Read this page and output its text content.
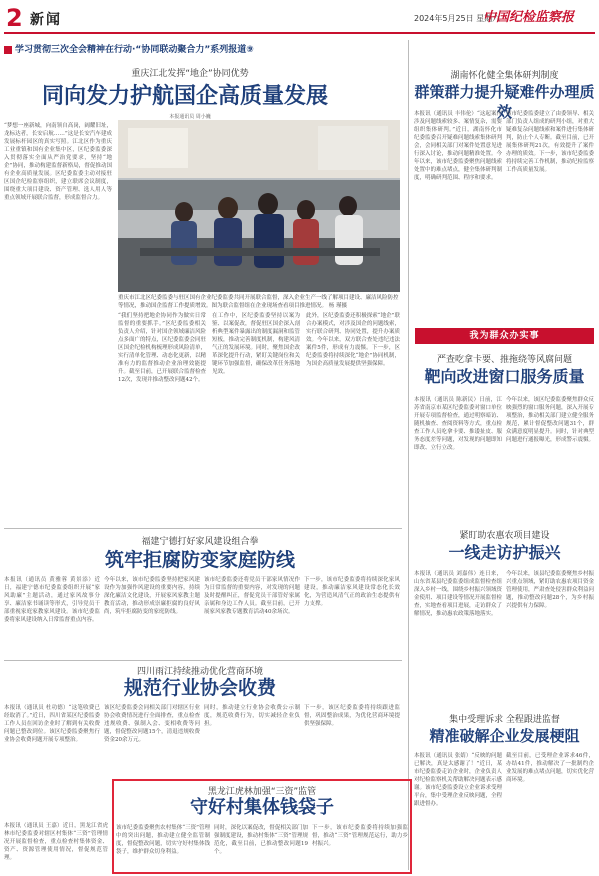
2 新闻	2024年5月25日 星期六
中国纪检监察报
学习贯彻三次全会精神在行动·“协同联动聚合力”系列报道⑨
重庆江北发挥“地企”协同优势
同向发力护航国企高质量发展
本报通讯员 周小巍
“梦想一座新城，向南领自高岗，阔耀旧址，龙标达者，长安启航……”这是长安汽车建成发展标杆园区的真实写照。江北区作为重庆工业重镇和国有企业集中区，区纪委监委深入贯彻落实全面从严治党要求，坚持“地企”协同，推动构建监督新格局，督促推动国有企业高质量发展。区纪委监委主动对接驻区国企纪检监察组织，建立联席会议制度，围绕重大项目建设、资产管理、选人用人等重点领域开展联合监督，形成监督合力。
“我们坚持把地企协同作为做实日常监督的重要抓手。”区纪委监委相关负责人介绍，针对国企领域廉洁风险点多面广的特点，区纪委监委会同驻区国企纪检机构梳理形成风险清单，实行清单化管理、动态化更新，以精准有力的监督推动企业治理效能提升。截至目前，已开展联合监督检查12次，发现并推动整改问题42个。
在工作中，区纪委监委坚持以案为鉴、以案促改，督促驻区国企深入剖析典型案件暴露出的制度漏洞和监管短板，推动完善制度机制，构建风清气正的发展环境。同时，聚焦国企改革深化提升行动，紧盯关键岗位和关键环节加强监督，确保改革任务落地见效。
此外，区纪委监委还积极探索“地企”联合办案模式，对涉及国企的问题线索，实行联合研判、协同处置，提升办案质效。今年以来，双方联合查处违纪违法案件5件，形成有力震慑。下一步，区纪委监委将持续深化“地企”协同机制，为国企高质量发展提供坚强保障。
重庆市江北区纪委监委与驻区国有企业纪委监委共同开展联合监督，深入企业生产一线了解项目建设、廉洁风险防控等情况，推动国企监督工作提质增效。图为联合监督组在企业现场查看项目推进情况。 杨 瑾摄
湖南怀化健全集体研判制度
群策群力提升疑难件办理质效
本报讯（通讯员 丰伟伦）“这起案件涉及问题线索较多、案情复杂，需要组织集体研判。”近日，湖南怀化市纪委监委召开疑难问题线索集体研判会，会同相关部门对案件处置意见进行深入讨论，推动问题精准处置。今年以来，该市纪委监委聚焦问题线索处置中的难点堵点，健全集体研判制度，明确研判范围、程序和要求。
该市纪委监委建立了由委领导、相关部门负责人组成的研判小组，对重大疑难复杂问题线索和案件进行集体研判，防止个人专断。截至目前，已开展集体研判21次，有效提升了案件办理的质效。下一步，该市纪委监委将持续完善工作机制，推动纪检监察工作高质量发展。
我为群众办实事
严查吃拿卡要、推拖绕等风腐问题
靶向改进窗口服务质量
本报讯（通讯员 陈新民）日前，江苏省南京市某区纪委监委对窗口单位开展专项监督检查，通过明察暗访、随机抽查、查阅资料等方式，重点检查工作人员吃拿卡要、推诿扯皮、服务态度差等问题，对发现的问题即知即改、立行立改。
今年以来，该区纪委监委聚焦群众反映强烈的窗口服务问题，深入开展专项整治，推动相关部门建立健全服务规范，累计督促整改问题31个，群众满意度明显提升。同时，针对典型问题进行通报曝光，形成警示震慑。
紧盯助农惠农项目建设
一线走访护振兴
本报讯（通讯员 刘嘉伟）连日来，山东省某县纪委监委组成监督检查组深入乡村一线，围绕乡村振兴领域资金使用、项目建设等情况开展监督检查，实地查看项目进展，走访群众了解情况，推动惠农政策落地落实。
今年以来，该县纪委监委聚焦乡村振兴重点领域，紧盯助农惠农项目资金管理使用，严肃查处侵害群众利益问题，推动整改问题28个，为乡村振兴提供有力保障。
集中受理诉求 全程跟进监督
精准破解企业发展梗阻
本报讯（通讯员 张婧）“反映的问题已解决，真是太感谢了！”近日，某市纪委监委走访企业时，企业负责人对纪检监察机关帮助解决问题表示感谢。该市纪委监委设立企业诉求受理平台，集中受理企业反映问题，全程跟进督办。
截至目前，已受理企业诉求46件，办结41件，推动解决了一批制约企业发展的难点堵点问题，切实优化营商环境。
福建宁德打好家风建设组合拳
筑牢拒腐防变家庭防线
本报讯（通讯员 黄雅蓉 黄景添）近日，福建宁德市纪委监委组织开展“家风助廉”主题活动，通过家风故事分享、廉洁家书诵读等形式，引导党员干部重视家庭家教家风建设。该市纪委监委将家风建设纳入日常监督重点内容。
今年以来，该市纪委监委坚持把家风建设作为加强作风建设的重要内容，持续深化廉洁文化建设，开展家风家教主题教育活动，推动形成崇廉拒腐的良好风尚，筑牢拒腐防变的家庭防线。
该市纪委监委还将党员干部家风情况作为日常监督的重要内容，对发现的问题及时提醒纠正，督促党员干部管好家属亲属和身边工作人员。截至目前，已开展家风家教专题教育活动40余场次。
下一步，该市纪委监委将持续深化家风建设，推动廉洁家风建设常态化长效化，为营造风清气正的政治生态提供有力支撑。
四川雨江持续推动优化营商环境
规范行业协会收费
本报讯（通讯员 杜功德）“这笔收费已经取消了。”近日，四川省某区纪委监委工作人员在回访企业时了解到有关收费问题已整改到位。该区纪委监委聚焦行业协会收费问题开展专项整治。
该区纪委监委会同相关部门对辖区行业协会收费情况进行全面排查，重点检查违规收费、强制入会、变相收费等问题，督促整改问题15个，清退违规收费资金20余万元。
同时，推动建立行业协会收费公示制度，规范收费行为，切实减轻企业负担。
下一步，该区纪委监委将持续跟进监督，巩固整治成果，为优化营商环境提供坚强保障。
黑龙江虎林加强“三资”监管
守好村集体钱袋子
本报讯（通讯员 王嘉）近日，黑龙江省虎林市纪委监委对辖区村集体“三资”管理情况开展监督检查，重点检查村集体资金、资产、资源管理使用情况，督促规范管理。
该市纪委监委聚焦农村集体“三资”管理中的突出问题，推动建立健全监管制度，督促整改问题，切实守好村集体钱袋子，维护群众切身利益。
同时，深化以案促改，督促相关部门加强制度建设，推动村集体“三资”管理规范化，截至目前，已推动整改问题19个。
下一步，该市纪委监委将持续加强监督，推动“三资”管理规范运行，助力乡村振兴。
